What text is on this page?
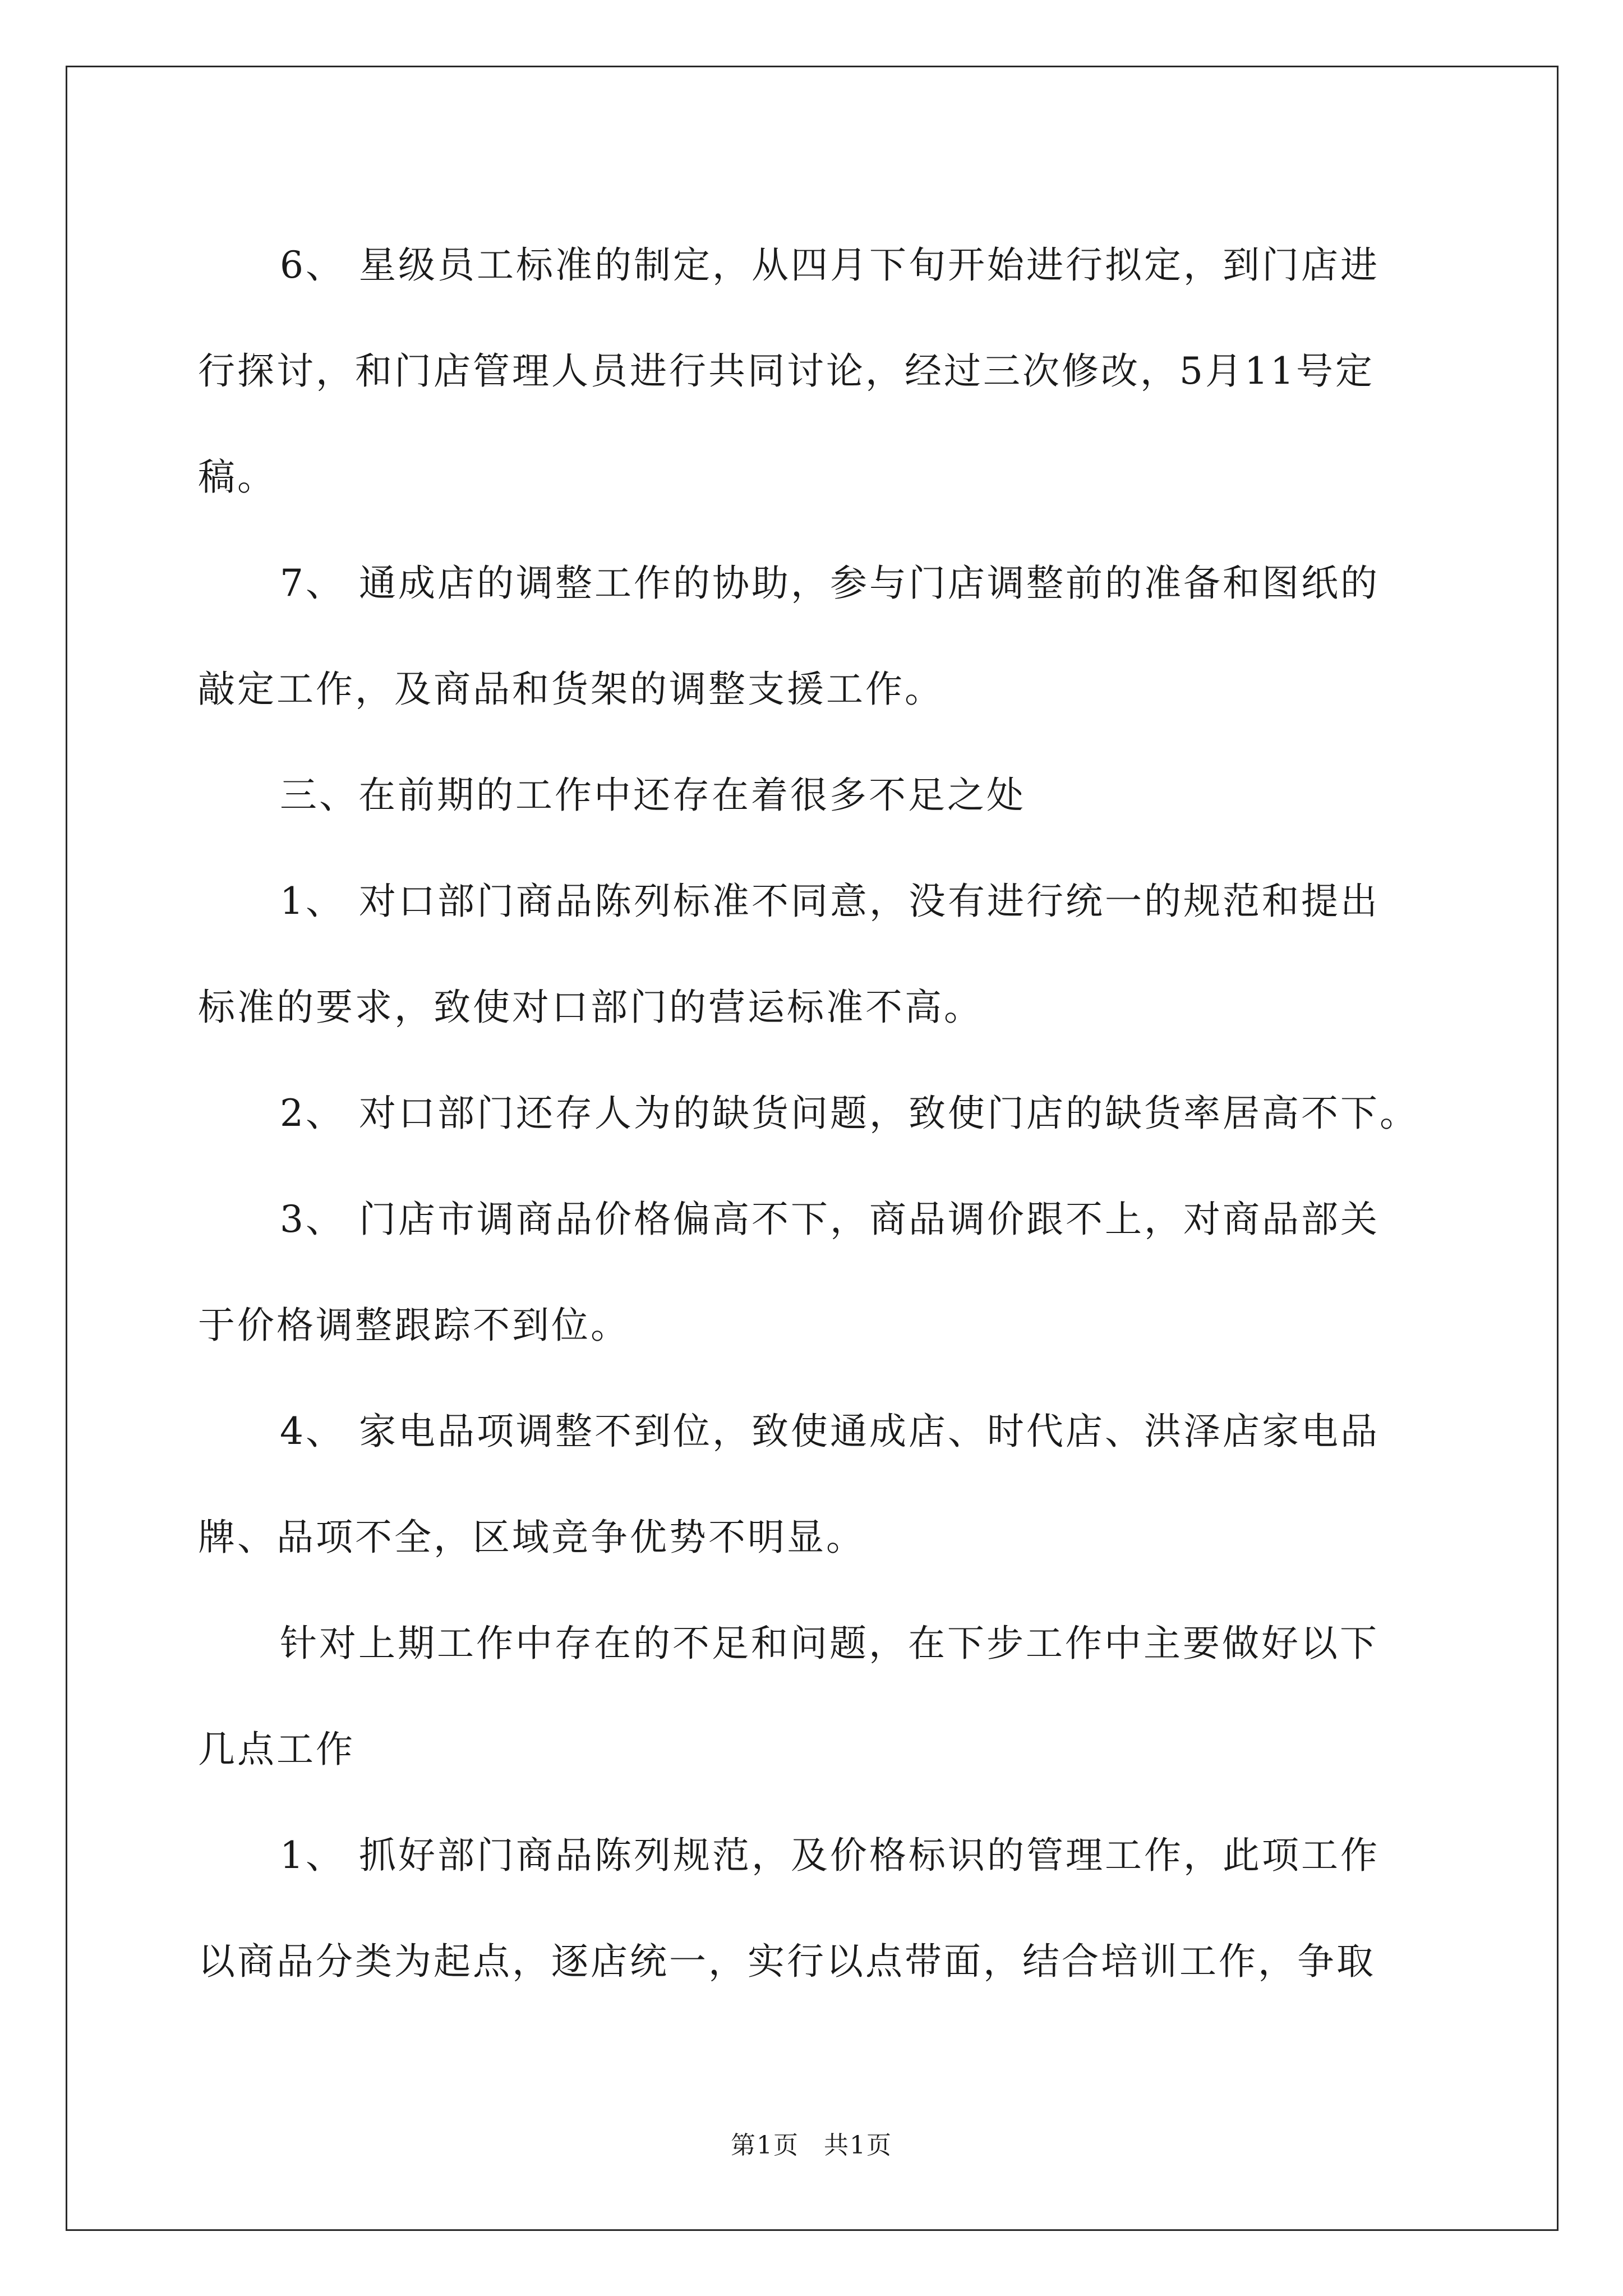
6、 星级员工标准的制定，从四月下旬开始进行拟定，到门店进
行探讨，和门店管理人员进行共同讨论，经过三次修改，5月11号定
稿。
7、 通成店的调整工作的协助，参与门店调整前的准备和图纸的
敲定工作，及商品和货架的调整支援工作。
三、在前期的工作中还存在着很多不足之处
1、 对口部门商品陈列标准不同意，没有进行统一的规范和提出
标准的要求，致使对口部门的营运标准不高。
2、 对口部门还存人为的缺货问题，致使门店的缺货率居高不下。
3、 门店市调商品价格偏高不下，商品调价跟不上，对商品部关
于价格调整跟踪不到位。
4、 家电品项调整不到位，致使通成店、时代店、洪泽店家电品
牌、品项不全，区域竞争优势不明显。
针对上期工作中存在的不足和问题，在下步工作中主要做好以下
几点工作
1、 抓好部门商品陈列规范，及价格标识的管理工作，此项工作
以商品分类为起点，逐店统一，实行以点带面，结合培训工作，争取
第1页 共1页
